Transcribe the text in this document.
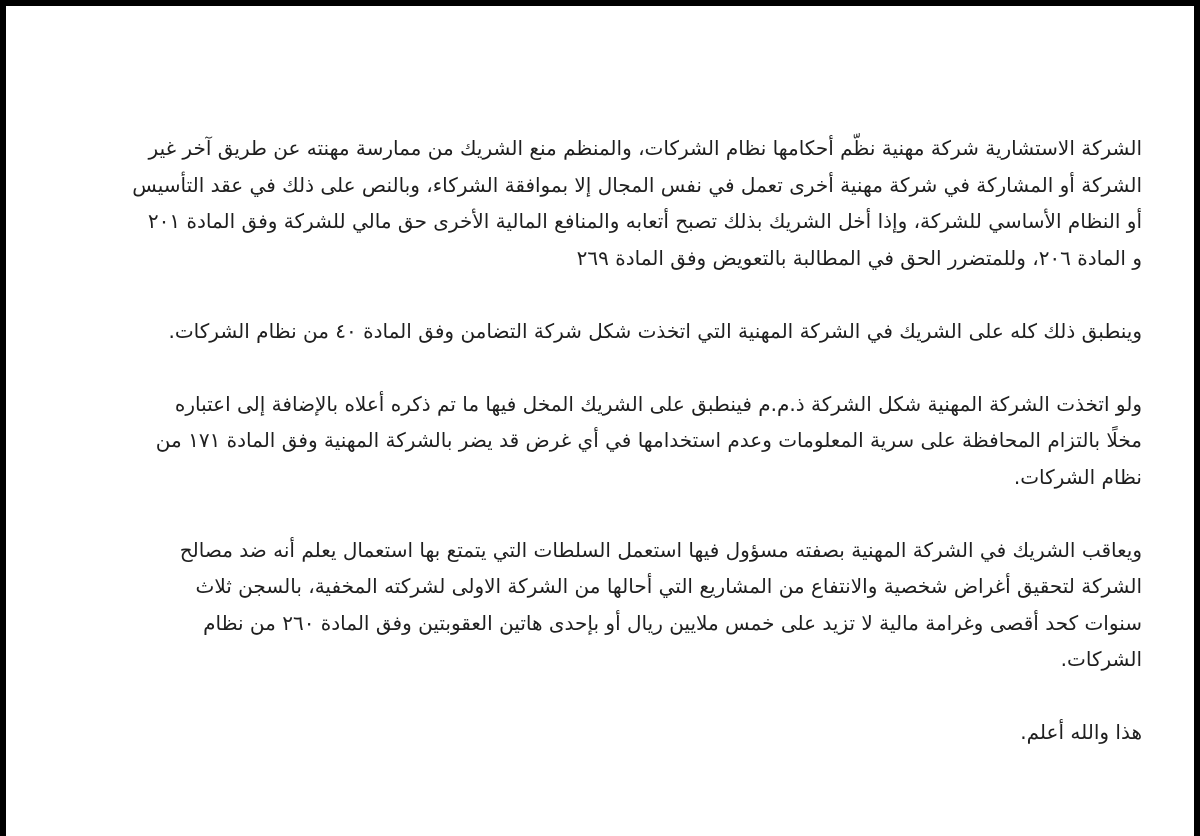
الشركة الاستشارية شركة مهنية نظّم أحكامها نظام الشركات، والمنظم منع الشريك من ممارسة مهنته عن طريق آخر غير
الشركة أو المشاركة في شركة مهنية أخرى تعمل في نفس المجال إلا بموافقة الشركاء، وبالنص على ذلك في عقد التأسيس
أو النظام الأساسي للشركة، وإذا أخل الشريك بذلك تصبح أتعابه والمنافع المالية الأخرى حق مالي للشركة وفق المادة ٢٠١
و المادة ٢٠٦، وللمتضرر الحق في المطالبة بالتعويض وفق المادة ٢٦٩

وينطبق ذلك كله على الشريك في الشركة المهنية التي اتخذت شكل شركة التضامن وفق المادة ٤٠ من نظام الشركات.

ولو اتخذت الشركة المهنية شكل الشركة ذ.م.م فينطبق على الشريك المخل فيها ما تم ذكره أعلاه بالإضافة إلى اعتباره
مخلًا بالتزام المحافظة على سرية المعلومات وعدم استخدامها في أي غرض قد يضر بالشركة المهنية وفق المادة ١٧١ من
نظام الشركات.

ويعاقب الشريك في الشركة المهنية بصفته مسؤول فيها استعمل السلطات التي يتمتع بها استعمال يعلم أنه ضد مصالح
الشركة لتحقيق أغراض شخصية والانتفاع من المشاريع التي أحالها من الشركة الاولى لشركته المخفية، بالسجن ثلاث
سنوات كحد أقصى وغرامة مالية لا تزيد على خمس ملايين ريال أو بإحدى هاتين العقوبتين وفق المادة ٢٦٠ من نظام
الشركات.

هذا والله أعلم.
